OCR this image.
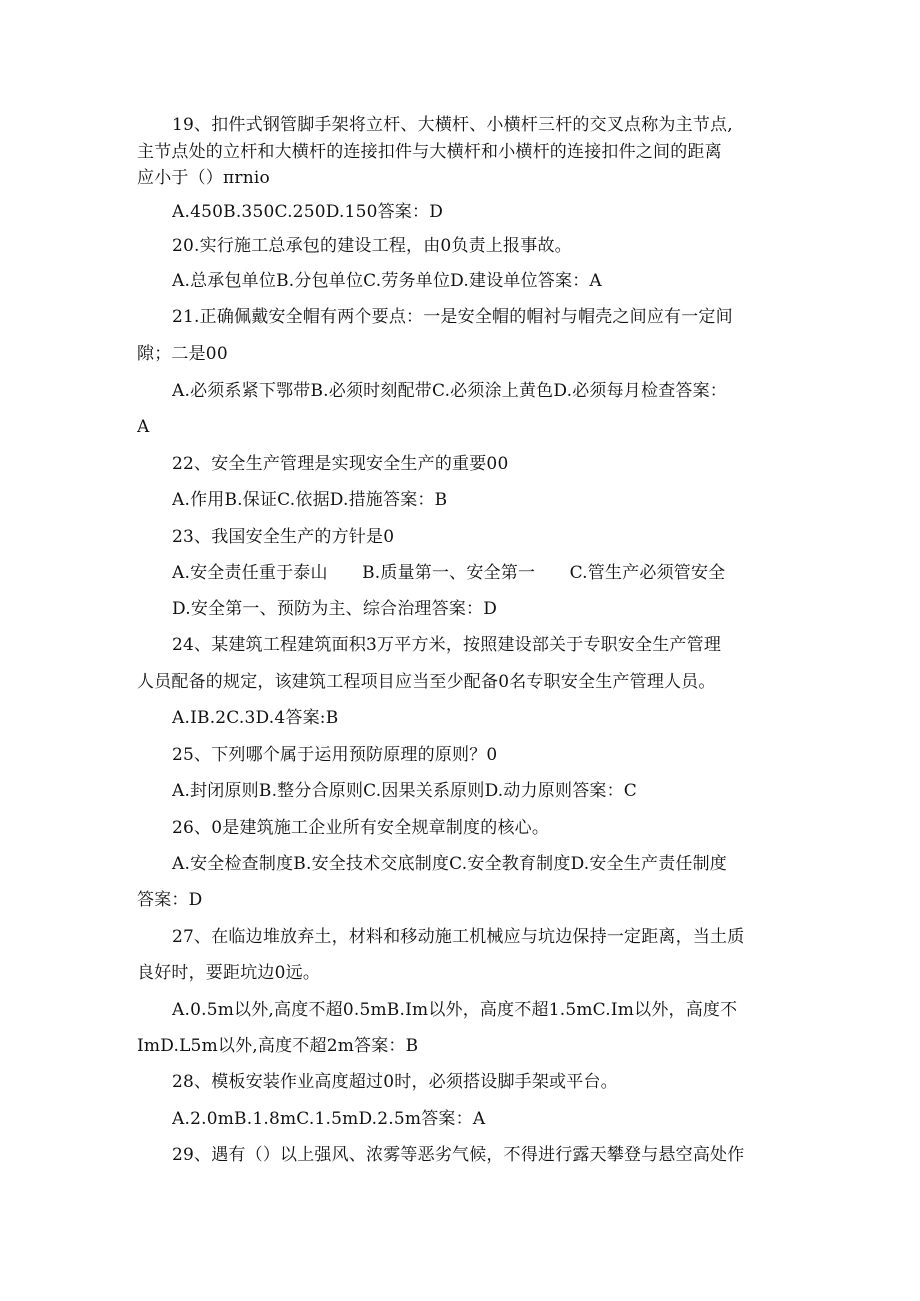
19、扣件式钢管脚手架将立杆、大横杆、小横杆三杆的交叉点称为主节点,
主节点处的立杆和大横杆的连接扣件与大横杆和小横杆的连接扣件之间的距离
应小于（）πrnio
A.450B.350C.250D.150答案：D
20.实行施工总承包的建设工程，由0负责上报事故。
A.总承包单位B.分包单位C.劳务单位D.建设单位答案：A
21.正确佩戴安全帽有两个要点：一是安全帽的帽衬与帽壳之间应有一定间
隙；二是00
A.必须系紧下鄂带B.必须时刻配带C.必须涂上黄色D.必须每月检查答案：
A
22、安全生产管理是实现安全生产的重要00
A.作用B.保证C.依据D.措施答案：B
23、我国安全生产的方针是0
A.安全责任重于泰山　　B.质量第一、安全第一　　C.管生产必须管安全
D.安全第一、预防为主、综合治理答案：D
24、某建筑工程建筑面积3万平方米，按照建设部关于专职安全生产管理
人员配备的规定，该建筑工程项目应当至少配备0名专职安全生产管理人员。
A.IB.2C.3D.4答案:B
25、下列哪个属于运用预防原理的原则？0
A.封闭原则B.整分合原则C.因果关系原则D.动力原则答案：C
26、0是建筑施工企业所有安全规章制度的核心。
A.安全检查制度B.安全技术交底制度C.安全教育制度D.安全生产责任制度
答案：D
27、在临边堆放弃土，材料和移动施工机械应与坑边保持一定距离，当土质
良好时，要距坑边0远。
A.0.5m以外,高度不超0.5mB.Im以外，高度不超1.5mC.Im以外，高度不
ImD.L5m以外,高度不超2m答案：B
28、模板安装作业高度超过0时，必须搭设脚手架或平台。
A.2.0mB.1.8mC.1.5mD.2.5m答案：A
29、遇有（）以上强风、浓雾等恶劣气候，不得进行露天攀登与悬空高处作
